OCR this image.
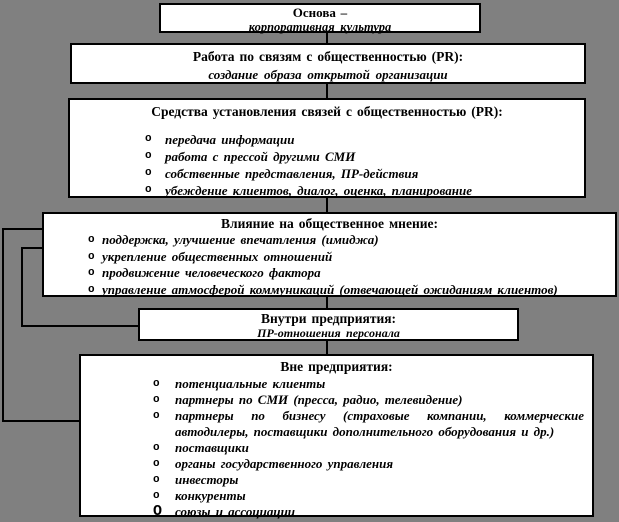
Основа –
корпоративная культура
Работа по связям с общественностью (PR):
создание образа открытой организации
Средства установления связей с общественностью (PR):
o	передача информации
o	работа с прессой другими СМИ
o	собственные представления, ПР-действия
o	убеждение клиентов, диалог, оценка, планирование
Влияние на общественное мнение:
o поддержка, улучшение впечатления (имиджа)
o укрепление общественных отношений
o продвижение человеческого фактора
o управление атмосферой коммуникаций (отвечающей ожиданиям клиентов)
Внутри предприятия:
ПР-отношения персонала
Вне предприятия:
o	потенциальные клиенты
o	партнеры по СМИ (пресса, радио, телевидение)
o	партнеры по бизнесу (страховые компании, коммерческие автодилеры, поставщики дополнительного оборудования и др.)
o	поставщики
o	органы государственного управления
o	инвесторы
o	конкуренты
O союзы и ассоциации
